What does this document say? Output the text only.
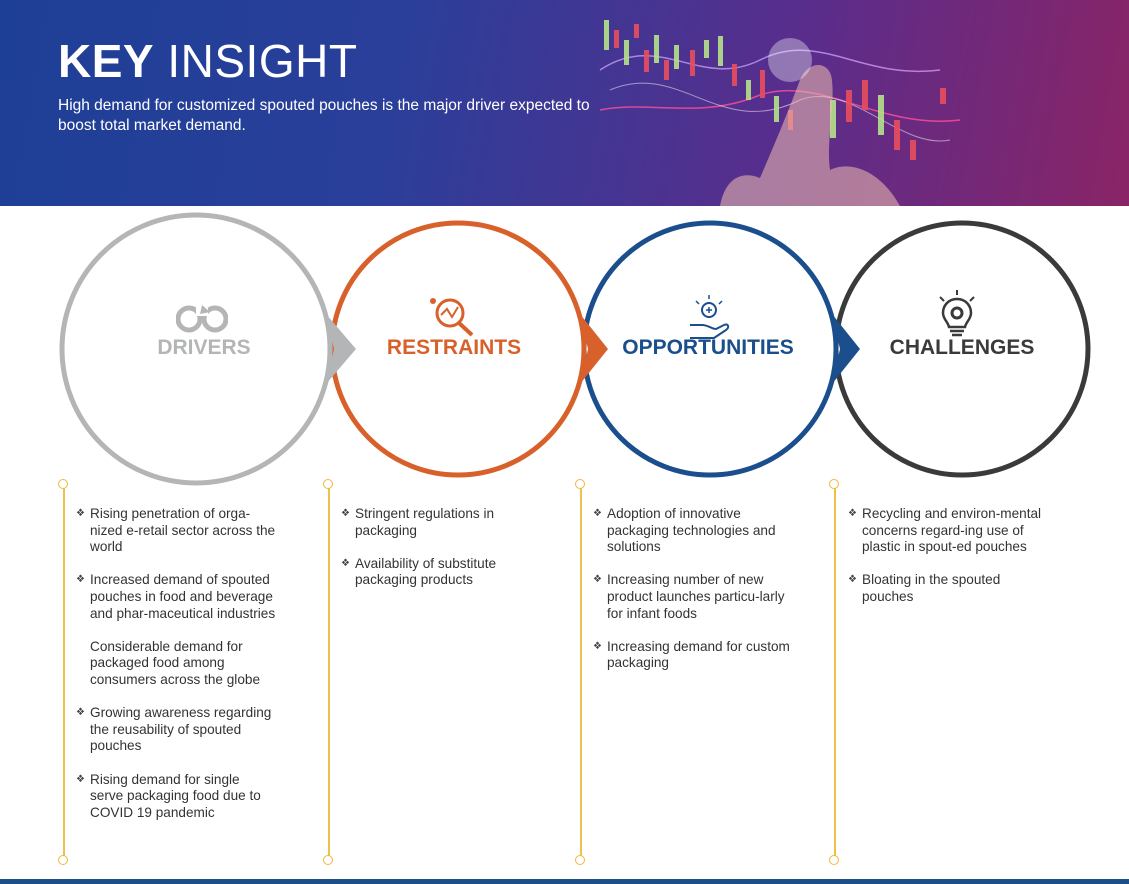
KEY INSIGHT

High demand for customized spouted pouches is the major driver expected to boost total market demand.

DRIVERS	RESTRAINTS	OPPORTUNITIES	CHALLENGES
❖ Rising penetration of orga-nized e-retail sector across the world
❖ Increased demand of spouted pouches in food and beverage and phar-maceutical industries
Considerable demand for packaged food among consumers across the globe
❖ Growing awareness regarding the reusability of spouted pouches
❖ Rising demand for single serve packaging food due to COVID 19 pandemic
❖ Stringent regulations in packaging
❖ Availability of substitute packaging products
❖ Adoption of innovative packaging technologies and solutions
❖ Increasing number of new product launches particu-larly for infant foods
❖ Increasing demand for custom packaging
❖ Recycling and environ-mental concerns regard-ing use of plastic in spout-ed pouches
❖ Bloating in the spouted pouches
